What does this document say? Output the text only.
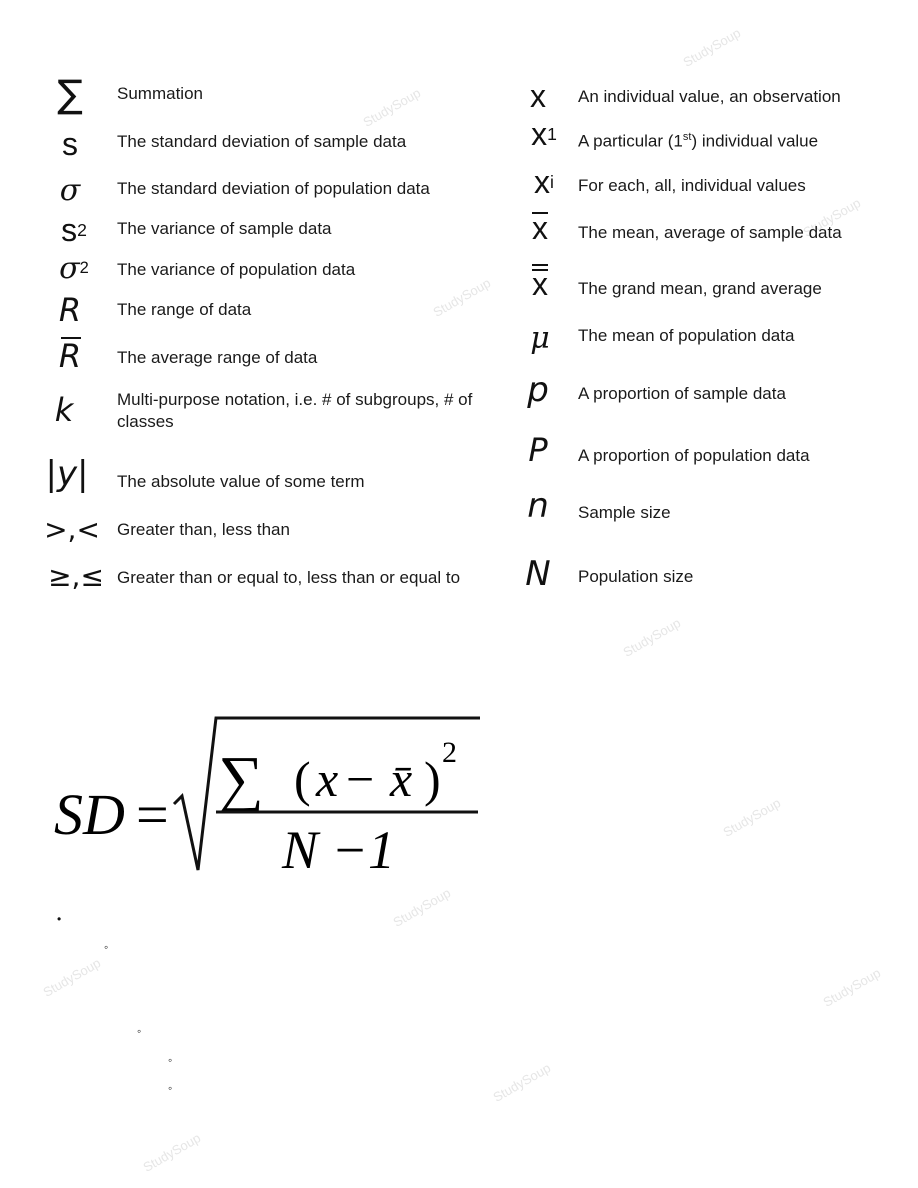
StudySoup
StudySoup
StudySoup
StudySoup
StudySoup
StudySoup
StudySoup
StudySoup	StudySoup
StudySoup
StudySoup
∑	Summation
s	The standard deviation of sample data
σ	The standard deviation of population data
s 2 The variance of sample data
σ 2 The variance of population data
R	The range of data
R The average range of data
k	Multi-purpose notation, i.e. # of subgroups, # of classes
|y| The absolute value of some term
>,< Greater than, less than
≥,≤ Greater than or equal to, less than or equal to
x	An individual value, an observation
x 1 A particular (1st) individual value
x i For each, all, individual values
x The mean, average of sample data
x The grand mean, grand average
μ	The mean of population data
p	A proportion of sample data
P	A proportion of population data
n	Sample size
N	Population size
SD =
∑ ( x − x̄ ) 2
N −1
•
◦
◦
◦
◦
